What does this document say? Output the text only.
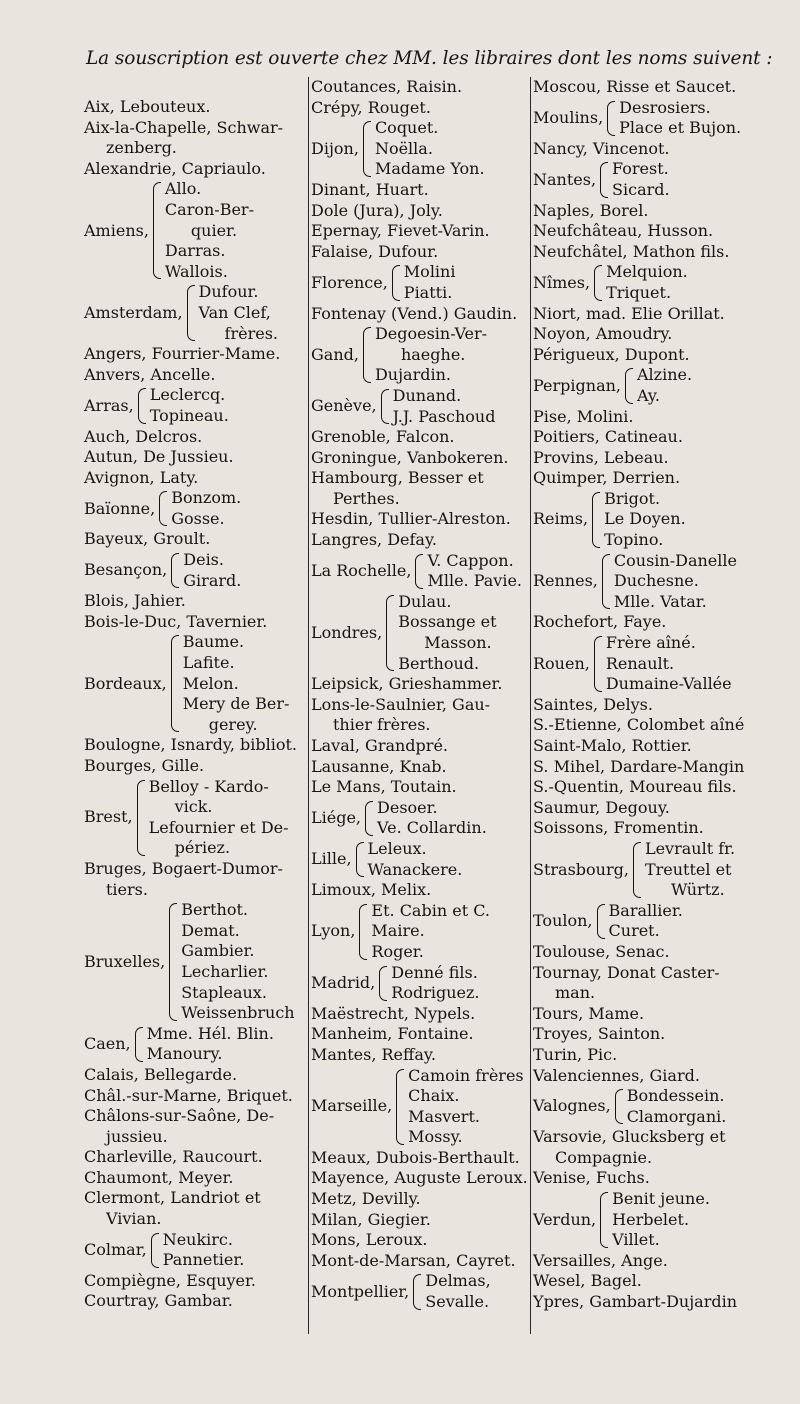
La souscription est ouverte chez MM. les libraires dont les noms suivent :
Aix, Lebouteux.
Aix-la-Chapelle, Schwar-
zenberg.
Alexandrie, Capriaulo.
Amiens,
Allo.
Caron-Ber-
quier.
Darras.
Wallois.
Amsterdam,
Dufour.
Van Clef,
frères.
Angers, Fourrier-Mame.
Anvers, Ancelle.
Arras,
Leclercq.
Topineau.
Auch, Delcros.
Autun, De Jussieu.
Avignon, Laty.
Baïonne,
Bonzom.
Gosse.
Bayeux, Groult.
Besançon,
Deis.
Girard.
Blois, Jahier.
Bois-le-Duc, Tavernier.
Bordeaux,
Baume.
Lafite.
Melon.
Mery de Ber-
gerey.
Boulogne, Isnardy, bibliot.
Bourges, Gille.
Brest,
Belloy - Kardo-
vick.
Lefournier et De-
périez.
Bruges, Bogaert-Dumor-
tiers.
Bruxelles,
Berthot.
Demat.
Gambier.
Lecharlier.
Stapleaux.
Weissenbruch
Caen,
Mme. Hél. Blin.
Manoury.
Calais, Bellegarde.
Châl.-sur-Marne, Briquet.
Châlons-sur-Saône, De-
jussieu.
Charleville, Raucourt.
Chaumont, Meyer.
Clermont, Landriot et
Vivian.
Colmar,
Neukirc.
Pannetier.
Compiègne, Esquyer.
Courtray, Gambar.
Coutances, Raisin.
Crépy, Rouget.
Dijon,
Coquet.
Noëlla.
Madame Yon.
Dinant, Huart.
Dole (Jura), Joly.
Epernay, Fievet-Varin.
Falaise, Dufour.
Florence,
Molini
Piatti.
Fontenay (Vend.) Gaudin.
Gand,
Degoesin-Ver-
haeghe.
Dujardin.
Genève,
Dunand.
J.J. Paschoud
Grenoble, Falcon.
Groningue, Vanbokeren.
Hambourg, Besser et
Perthes.
Hesdin, Tullier-Alreston.
Langres, Defay.
La Rochelle,
V. Cappon.
Mlle. Pavie.
Londres,
Dulau.
Bossange et
Masson.
Berthoud.
Leipsick, Grieshammer.
Lons-le-Saulnier, Gau-
thier frères.
Laval, Grandpré.
Lausanne, Knab.
Le Mans, Toutain.
Liége,
Desoer.
Ve. Collardin.
Lille,
Leleux.
Wanackere.
Limoux, Melix.
Lyon,
Et. Cabin et C.
Maire.
Roger.
Madrid,
Denné fils.
Rodriguez.
Maëstrecht, Nypels.
Manheim, Fontaine.
Mantes, Reffay.
Marseille,
Camoin frères
Chaix.
Masvert.
Mossy.
Meaux, Dubois-Berthault.
Mayence, Auguste Leroux.
Metz, Devilly.
Milan, Giegier.
Mons, Leroux.
Mont-de-Marsan, Cayret.
Montpellier,
Delmas,
Sevalle.
Moscou, Risse et Saucet.
Moulins,
Desrosiers.
Place et Bujon.
Nancy, Vincenot.
Nantes,
Forest.
Sicard.
Naples, Borel.
Neufchâteau, Husson.
Neufchâtel, Mathon fils.
Nîmes,
Melquion.
Triquet.
Niort, mad. Elie Orillat.
Noyon, Amoudry.
Périgueux, Dupont.
Perpignan,
Alzine.
Ay.
Pise, Molini.
Poitiers, Catineau.
Provins, Lebeau.
Quimper, Derrien.
Reims,
Brigot.
Le Doyen.
Topino.
Rennes,
Cousin-Danelle
Duchesne.
Mlle. Vatar.
Rochefort, Faye.
Rouen,
Frère aîné.
Renault.
Dumaine-Vallée
Saintes, Delys.
S.-Etienne, Colombet aîné
Saint-Malo, Rottier.
S. Mihel, Dardare-Mangin
S.-Quentin, Moureau fils.
Saumur, Degouy.
Soissons, Fromentin.
Strasbourg,
Levrault fr.
Treuttel et
Würtz.
Toulon,
Barallier.
Curet.
Toulouse, Senac.
Tournay, Donat Caster-
man.
Tours, Mame.
Troyes, Sainton.
Turin, Pic.
Valenciennes, Giard.
Valognes,
Bondessein.
Clamorgani.
Varsovie, Glucksberg et
Compagnie.
Venise, Fuchs.
Verdun,
Benit jeune.
Herbelet.
Villet.
Versailles, Ange.
Wesel, Bagel.
Ypres, Gambart-Dujardin
